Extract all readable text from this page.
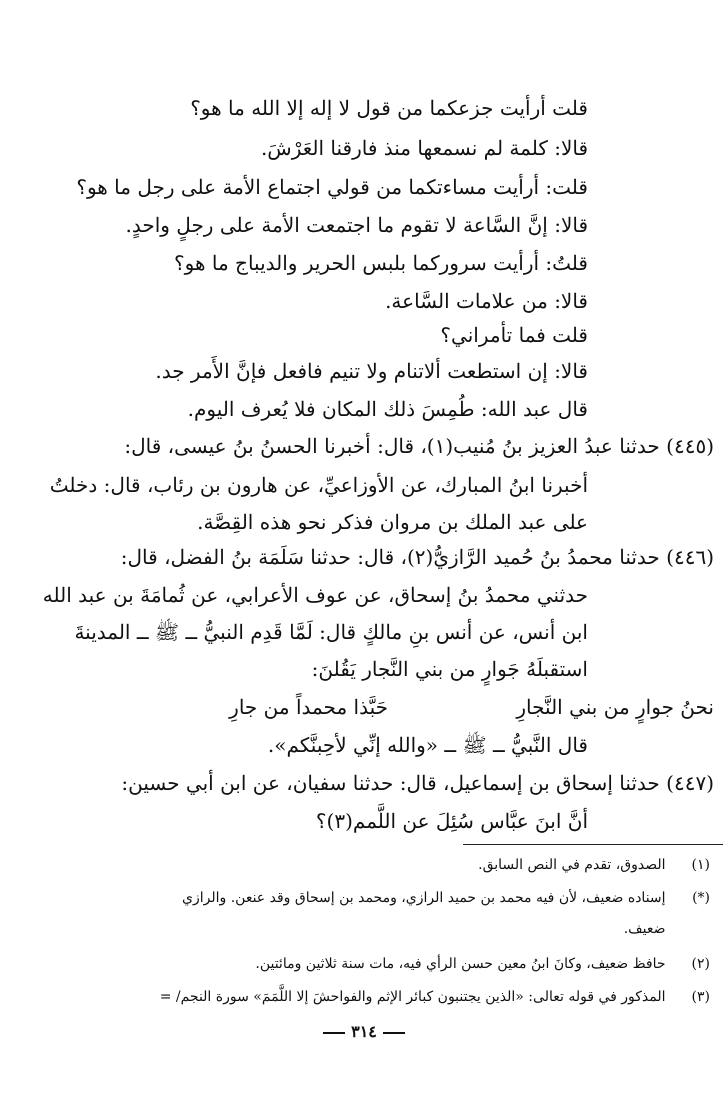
قلت أرأيت جزعكما من قول لا إله إلا الله ما هو؟
قالا: كلمة لم نسمعها منذ فارقنا العَرْشَ.
قلت: أرأيت مساءتكما من قولي اجتماع الأمة على رجل ما هو؟
قالا: إنَّ السَّاعة لا تقوم ما اجتمعت الأمة على رجلٍ واحدٍ.
قلتُ: أرأيت سروركما بلبس الحرير والديباج ما هو؟
قالا: من علامات السَّاعة.
قلت فما تأمراني؟
قالا: إن استطعت ألاتنام ولا تنيم فافعل فإنَّ الأَمر جد.
قال عبد الله: طُمِسَ ذلك المكان فلا يُعرف اليوم.
(٤٤٥) حدثنا عبدُ العزيز بنُ مُنيب(١)، قال: أخبرنا الحسنُ بنُ عيسى، قال:
أخبرنا ابنُ المبارك، عن الأوزاعيِّ، عن هارون بن رئاب، قال: دخلتُ
على عبد الملك بن مروان فذكر نحو هذه القِصَّة.
(٤٤٦) حدثنا محمدُ بنُ حُميد الرَّازيُّ(٢)، قال: حدثنا سَلَمَة بنُ الفضل، قال:
حدثني محمدُ بنُ إسحاق، عن عوف الأعرابي، عن ثُمامَةَ بن عبد الله
ابن أنس، عن أنس بنِ مالكٍ قال: لَمَّا قَدِم النبيُّ ــ ﷺ ــ المدينةَ
استقبلَهُ جَوارٍ من بني النَّجار يَقُلنَ:
نحنُ جوارٍ من بني النَّجارِ
حَبَّذا محمداً من جارِ
قال النَّبيُّ ــ ﷺ ــ «والله إنِّي لأحِبنَّكم».
(٤٤٧) حدثنا إسحاق بن إسماعيل، قال: حدثنا سفيان، عن ابن أبي حسين:
أنَّ ابنَ عبَّاس سُئِلَ عن اللَّمم(٣)؟
(١) الصدوق، تقدم في النص السابق.
(*) إسناده ضعيف، لأن فيه محمد بن حميد الرازي، ومحمد بن إسحاق وقد عنعن. والرازي
ضعيف.
(٢) حافظ ضعيف، وكانَ ابنُ معين حسن الرأي فيه، مات سنة ثلاثين ومائتين.
(٣) المذكور في قوله تعالى: «الذين يجتنبون كبائر الإثم والفواحشَ إلا اللَّمَمَ» سورة النجم/ =
٣١٤
